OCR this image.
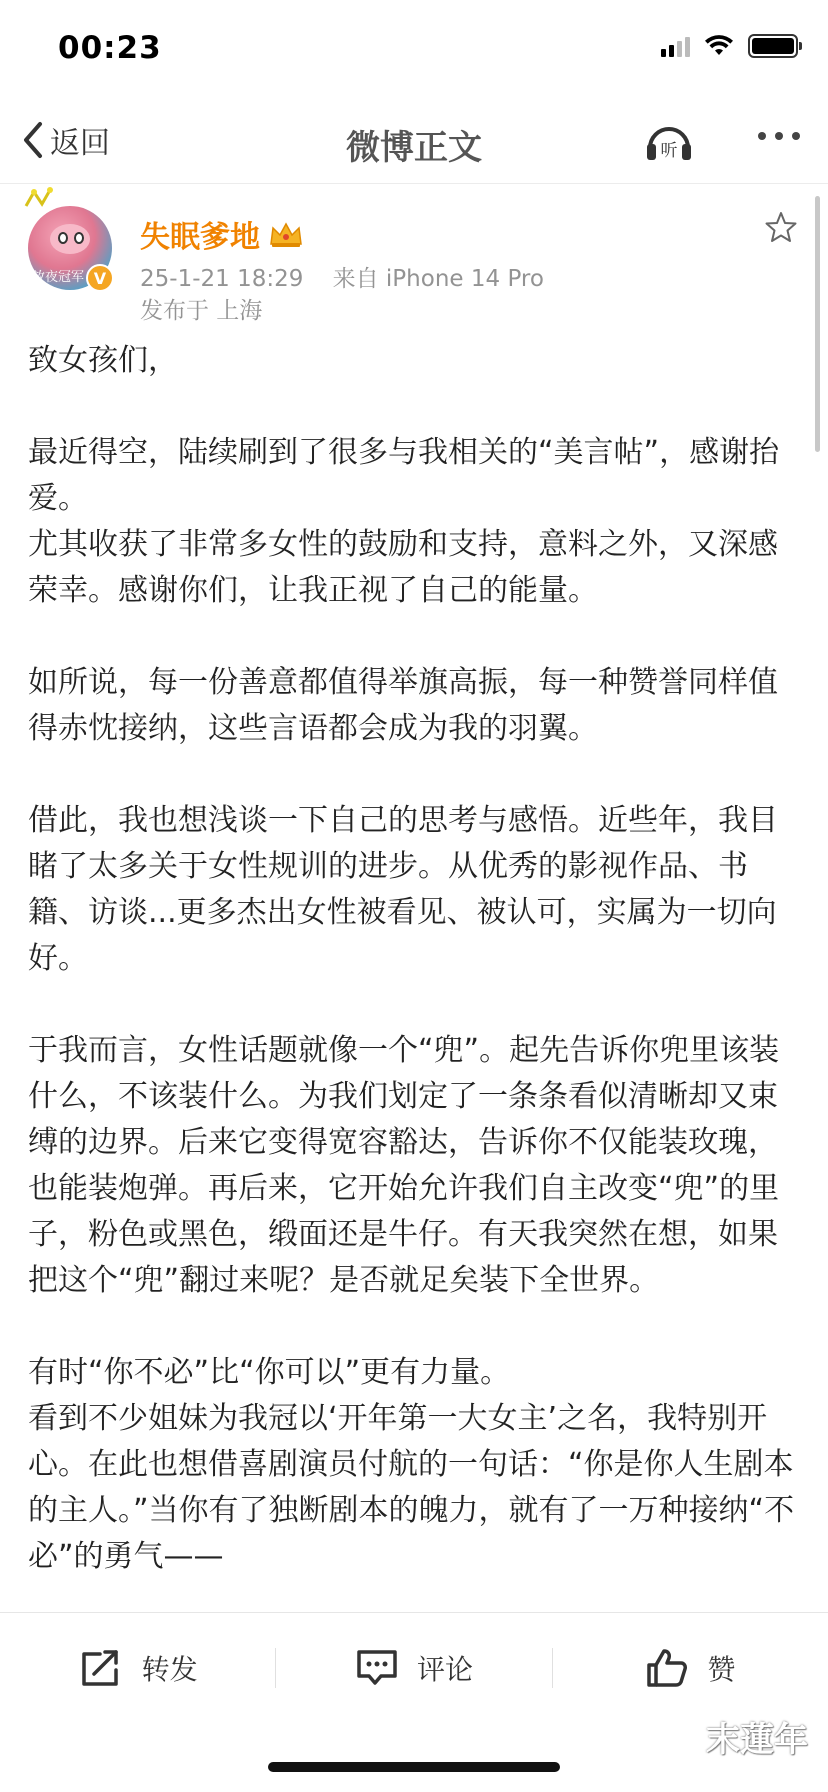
00:23
返回	微博正文	听
放夜冠军 V
失眠爹地
25-1-21 18:29 来自 iPhone 14 Pro
发布于 上海

致女孩们，

最近得空，陆续刷到了很多与我相关的“美言帖”，感谢抬爱。

尤其收获了非常多女性的鼓励和支持，意料之外，又深感荣幸。感谢你们，让我正视了自己的能量。

如所说，每一份善意都值得举旗高振，每一种赞誉同样值得赤忱接纳，这些言语都会成为我的羽翼。

借此，我也想浅谈一下自己的思考与感悟。近些年，我目睹了太多关于女性规训的进步。从优秀的影视作品、书籍、访谈...更多杰出女性被看见、被认可，实属为一切向好。

于我而言，女性话题就像一个“兜”。起先告诉你兜里该装什么，不该装什么。为我们划定了一条条看似清晰却又束缚的边界。后来它变得宽容豁达，告诉你不仅能装玫瑰，也能装炮弹。再后来，它开始允许我们自主改变“兜”的里子，粉色或黑色，缎面还是牛仔。有天我突然在想，如果把这个“兜”翻过来呢？是否就足矣装下全世界。

有时“你不必”比“你可以”更有力量。

看到不少姐妹为我冠以‘开年第一大女主’之名，我特别开心。在此也想借喜剧演员付航的一句话：“你是你人生剧本的主人。”当你有了独断剧本的魄力，就有了一万种接纳“不必”的勇气——

转发	评论	赞
末蓮年
